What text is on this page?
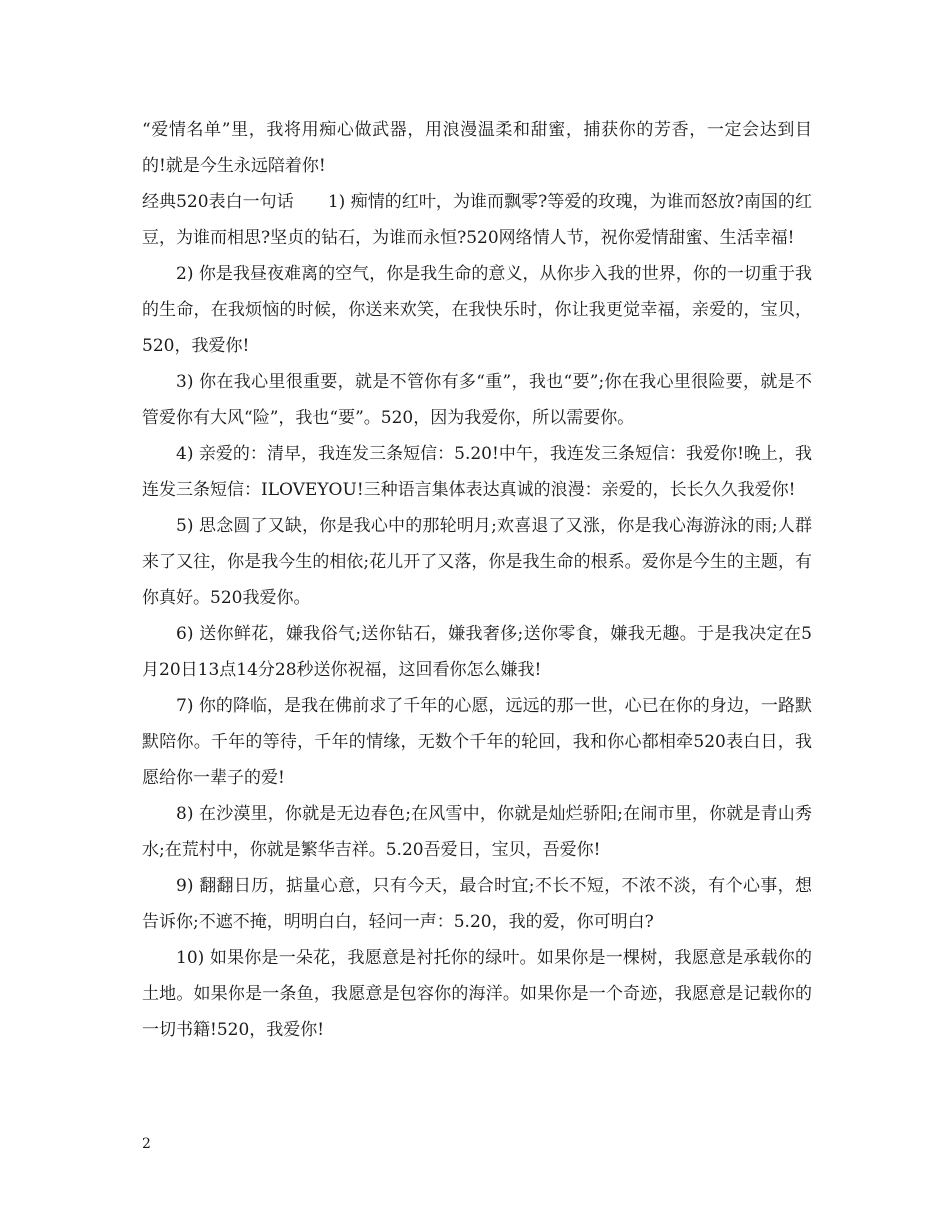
“爱情名单”里，我将用痴心做武器，用浪漫温柔和甜蜜，捕获你的芳香，一定会达到目的!就是今生永远陪着你!

经典520表白一句话　　1) 痴情的红叶，为谁而飘零?等爱的玫瑰，为谁而怒放?南国的红豆，为谁而相思?坚贞的钻石，为谁而永恒?520网络情人节，祝你爱情甜蜜、生活幸福!

2) 你是我昼夜难离的空气，你是我生命的意义，从你步入我的世界，你的一切重于我的生命，在我烦恼的时候，你送来欢笑，在我快乐时，你让我更觉幸福，亲爱的，宝贝，520，我爱你!

3) 你在我心里很重要，就是不管你有多“重”，我也“要”;你在我心里很险要，就是不管爱你有大风“险”，我也“要”。520，因为我爱你，所以需要你。

4) 亲爱的：清早，我连发三条短信：5.20!中午，我连发三条短信：我爱你!晚上，我连发三条短信：ILOVEYOU!三种语言集体表达真诚的浪漫：亲爱的，长长久久我爱你!

5) 思念圆了又缺，你是我心中的那轮明月;欢喜退了又涨，你是我心海游泳的雨;人群来了又往，你是我今生的相依;花儿开了又落，你是我生命的根系。爱你是今生的主题，有你真好。520我爱你。

6) 送你鲜花，嫌我俗气;送你钻石，嫌我奢侈;送你零食，嫌我无趣。于是我决定在5月20日13点14分28秒送你祝福，这回看你怎么嫌我!

7) 你的降临，是我在佛前求了千年的心愿，远远的那一世，心已在你的身边，一路默默陪你。千年的等待，千年的情缘，无数个千年的轮回，我和你心都相牵520表白日，我愿给你一辈子的爱!

8) 在沙漠里，你就是无边春色;在风雪中，你就是灿烂骄阳;在闹市里，你就是青山秀水;在荒村中，你就是繁华吉祥。5.20吾爱日，宝贝，吾爱你!

9) 翻翻日历，掂量心意，只有今天，最合时宜;不长不短，不浓不淡，有个心事，想告诉你;不遮不掩，明明白白，轻问一声：5.20，我的爱，你可明白?

10) 如果你是一朵花，我愿意是衬托你的绿叶。如果你是一棵树，我愿意是承载你的土地。如果你是一条鱼，我愿意是包容你的海洋。如果你是一个奇迹，我愿意是记载你的一切书籍!520，我爱你!

2
